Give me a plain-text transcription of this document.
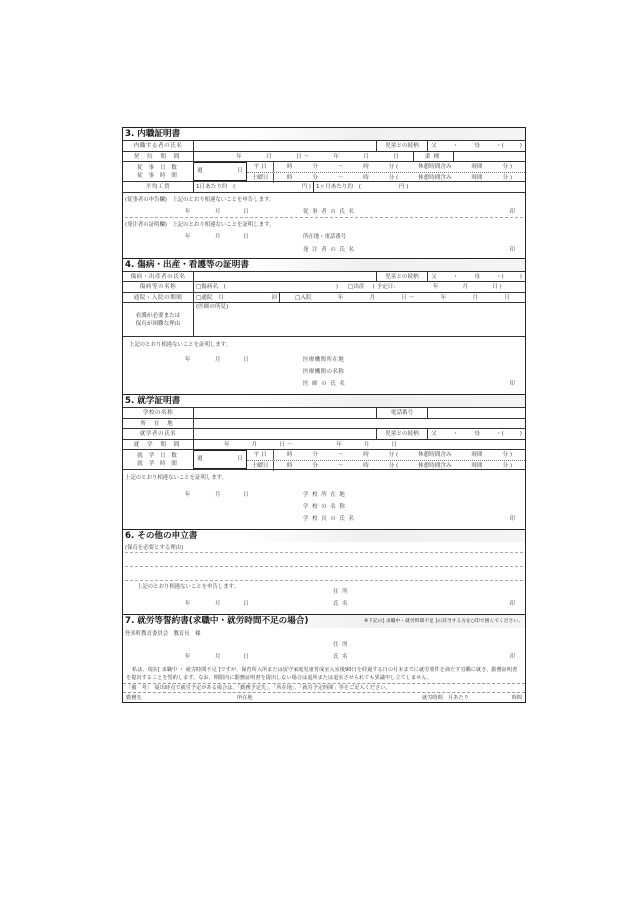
3. 内職証明書
内職する者の氏名	児童との続柄	父	・	母	・(	)
契 約 期 間	年	月	日 ～	年	月	日	業種
従 事 日 数
従 事 時 間
週	日
平 日	時	分	～	時	分 (	休憩時間含み	時間	分 )
土曜日	時	分	～	時	分 (	休憩時間含み	時間	分 )
平均工賃	1日あたり約　(	円 ) 1ヶ月あたり約　(	円 )
(従事者の申告欄)　上記のとおり相違ないことを申告します。
年	月	日	従 事 者 の 氏 名	印
(発注者の証明欄)　上記のとおり相違ないことを証明します。
年	月	日	所在地・電話番号
発 注 者 の 氏 名	印
4. 傷病・出産・看護等の証明書
傷病・出産者の氏名	児童との続柄	父	・	母	・(	)
傷病等の名称	□傷病名　(	) □出産 ( 予定日：	年	月	日 )
通院・入院の期間	□通院　月	回	□入院	年	月	日 ～	年	月	日
看護が必要または
保育が困難な理由
(医師の所見)
上記のとおり相違ないことを証明します。
年	月	日	医療機関所在地
医療機関の名称
医 師 の 氏 名	印
5. 就学証明書
学校の名称	電話番号
所 在 地
就学者の氏名	児童との続柄	父	・	母	・(	)
就 学 期 間	年	月	日 ～	年	月	日
就 学 日 数
就 学 時 間
週	日
平 日	時	分	～	時	分 (	休憩時間含み	時間	分 )
土曜日	時	分	～	時	分 (	休憩時間含み	時間	分 )
上記のとおり相違ないことを証明します。
年	月	日	学 校 所 在 地
学 校 の 名 称
学 校 長 の 氏 名	印
6. その他の申立書
(保育を必要とする理由)
上記のとおり相違ないことを申告します。
住 所
年	月	日	氏 名	印
7. 就労等誓約書(求職中・就労時間不足の場合)	※下記の[ 求職中・就労時間不足 ]の該当する方を○印で囲んでください。
登米町教育委員会　教育長　様
住 所
年	月	日	氏 名	印
私は、現在[ 求職中 ・ 就労時間不足 ]ですが、保育所入所または留守家庭児童育成室入室後90日を経過する日の月末までに就労要件を満たす労働に就き、勤務証明書を提出することを誓約します。なお、期限内に勤務証明書を提出しない場合は退所または退室させられても異議申し立てしません。
〔備　考〕　提出時点で就労予定がある場合は、「勤務予定先」、「所在地」、「就労予定時間」等をご記入ください。
勤務先	所在地	就労時間　月あたり	時間
